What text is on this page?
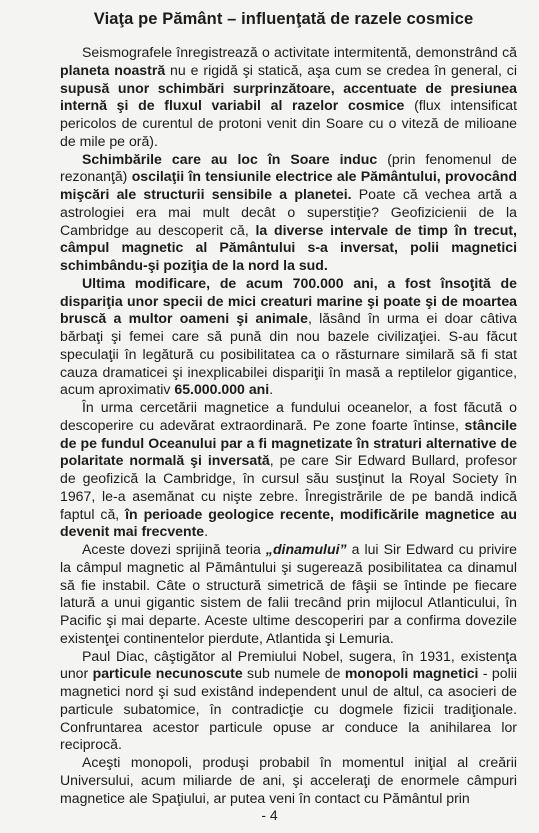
Viaţa pe Pământ – influenţată de razele cosmice

Seismografele înregistrează o activitate intermitentă, demonstrând că planeta noastră nu e rigidă şi statică, aşa cum se credea în general, ci supusă unor schimbări surprinzătoare, accentuate de presiunea internă şi de fluxul variabil al razelor cosmice (flux intensificat pericolos de curentul de protoni venit din Soare cu o viteză de milioane de mile pe oră).

Schimbările care au loc în Soare induc (prin fenomenul de rezonanţă) oscilaţii în tensiunile electrice ale Pământului, provocând mişcări ale structurii sensibile a planetei. Poate că vechea artă a astrologiei era mai mult decât o superstiţie? Geofizicienii de la Cambridge au descoperit că, la diverse intervale de timp în trecut, câmpul magnetic al Pământului s-a inversat, polii magnetici schimbându-şi poziţia de la nord la sud.

Ultima modificare, de acum 700.000 ani, a fost însoţită de dispariţia unor specii de mici creaturi marine şi poate şi de moartea bruscă a multor oameni şi animale, lăsând în urma ei doar câtiva bărbaţi şi femei care să pună din nou bazele civilizaţiei. S-au făcut speculaţii în legătură cu posibilitatea ca o răsturnare similară să fi stat cauza dramaticei şi inexplicabilei dispariţii în masă a reptilelor gigantice, acum aproximativ 65.000.000 ani.

În urma cercetării magnetice a fundului oceanelor, a fost făcută o descoperire cu adevărat extraordinară. Pe zone foarte întinse, stâncile de pe fundul Oceanului par a fi magnetizate în straturi alternative de polaritate normală şi inversată, pe care Sir Edward Bullard, profesor de geofizică la Cambridge, în cursul său susţinut la Royal Society în 1967, le-a asemănat cu nişte zebre. Înregistrările de pe bandă indică faptul că, în perioade geologice recente, modificările magnetice au devenit mai frecvente.

Aceste dovezi sprijină teoria „dinamului” a lui Sir Edward cu privire la câmpul magnetic al Pământului şi sugerează posibilitatea ca dinamul să fie instabil. Câte o structură simetrică de fâşii se întinde pe fiecare latură a unui gigantic sistem de falii trecând prin mijlocul Atlanticului, în Pacific şi mai departe. Aceste ultime descoperiri par a confirma dovezile existenţei continentelor pierdute, Atlantida şi Lemuria.

Paul Diac, câştigător al Premiului Nobel, sugera, în 1931, existenţa unor particule necunoscute sub numele de monopoli magnetici - polii magnetici nord şi sud existând independent unul de altul, ca asocieri de particule subatomice, în contradicţie cu dogmele fizicii tradiţionale. Confruntarea acestor particule opuse ar conduce la anihilarea lor reciprocă.

Aceşti monopoli, produşi probabil în momentul iniţial al creării Universului, acum miliarde de ani, şi acceleraţi de enormele câmpuri magnetice ale Spaţiului, ar putea veni în contact cu Pământul prin

- 4
